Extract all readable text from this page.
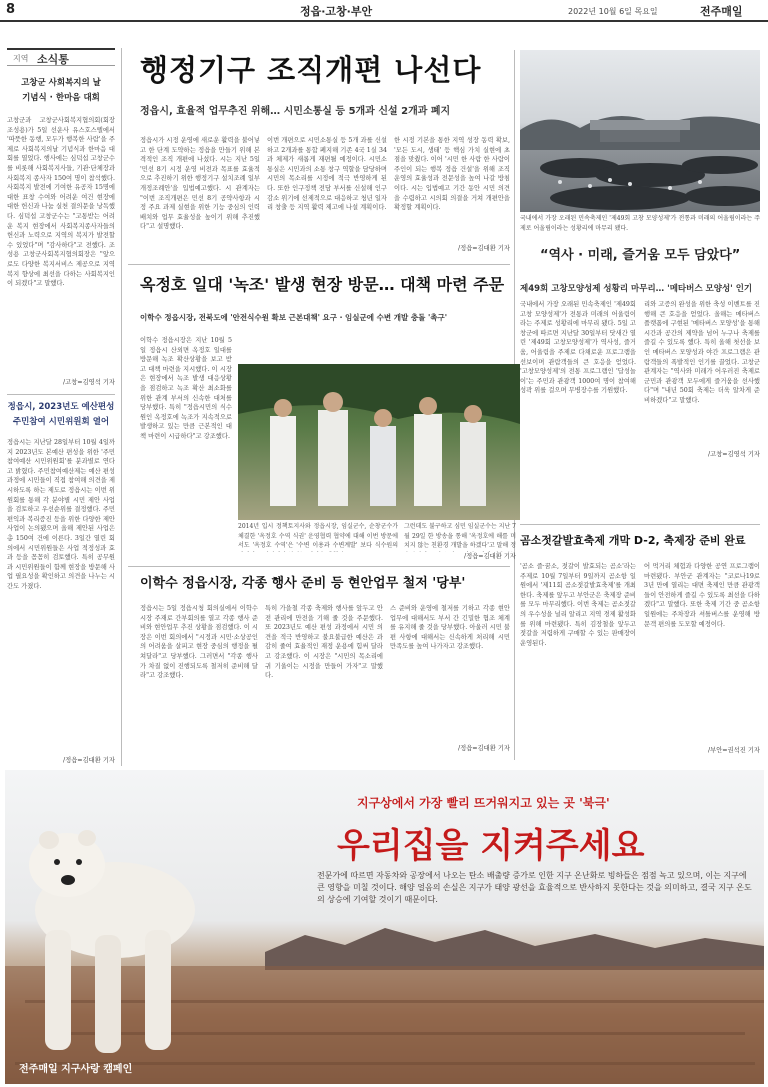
8	정읍·고창·부안	2022년 10월 6일 목요일	전주매일
지역 소식통
고창군 사회복지의 날
기념식 · 한마음 대회
고창군과 고창군사회복지협의회(회장 조성용)가 5일 선운사 유스호스텔에서 '따뜻한 동행, 모두가 행복한 사람'을 주제로 사회복지의날 기념식과 한마음 대회를 열었다. 행사에는 심덕섭 고창군수를 비롯해 사회복지사들, 기관·단체장과 사회복지 종사자 150여 명이 참석했다. 사회복지 발전에 기여한 유공자 15명에 대한 표창 수여와 어려운 여건 현장에 대한 헌신과 나눔 실천 결의문을 낭독했다. 심덕섭 고창군수는 "고통받는 어려운 복지 현장에서 사회복지종사자들의 헌신과 노력으로 지역의 복지가 발전할 수 있었다"며 "감사하다"고 전했다. 조성용 고창군사회복지협의회장은 "앞으로도 다양한 복지서비스 제공으로 지역복지 향상에 최선을 다하는 사회복지인이 되겠다"고 말했다.
/고창=김영석 기자
정읍시, 2023년도 예산편성
주민참여 시민위원회 열어
정읍시는 지난달 28일부터 10월 4일까지 2023년도 본예산 편성을 위한 '주민참여예산 시민위원회'를 분과별로 연다고 밝혔다. 주민참여예산제는 예산 편성 과정에 시민들이 직접 참여해 의견을 제시하도록 하는 제도로 정읍시는 이번 위원회를 통해 각 분야별 시민 제안 사업을 검토하고 우선순위를 결정했다. 주민 편익과 복리증진 등을 위한 다양한 제안사업이 논의됐으며 올해 제안된 사업은 총 150여 건에 이른다. 3일간 열린 회의에서 시민위원들은 사업 적정성과 효과 등을 꼼꼼히 검토했다. 특히 공무원과 시민위원들이 함께 현장을 방문해 사업 필요성을 확인하고 의견을 나누는 시간도 가졌다.
/정읍=김대환 기자
행정기구 조직개편 나선다
정읍시, 효율적 업무추진 위해… 시민소통실 등 5개과 신설 2개과 폐지
정읍시가 시정 운영에 새로운 활력을 불어넣고 한 단계 도약하는 정읍을 만들기 위해 본격적인 조직 개편에 나섰다. 시는 지난 5일 '민선 8기 시정 운영 비전과 목표를 효율적으로 추진하기 위한 행정기구 설치조례 일부개정조례안'을 입법예고했다. 시 관계자는 "이번 조직개편은 민선 8기 공약사항과 시정 주요 과제 실현을 위한 기능 중심의 인력 배치와 업무 효율성을 높이기 위해 추진했다"고 설명했다.
이번 개편으로 시민소통실 등 5개 과를 신설하고 2개과를 통합 폐지해 기존 4국 1실 34과 체제가 새롭게 재편될 예정이다. 시민소통실은 시민과의 소통 창구 역할을 담당하며 시민의 목소리를 시정에 적극 반영하게 된다. 또한 인구정책 전담 부서를 신설해 인구감소 위기에 선제적으로 대응하고 청년 일자리 창출 등 지역 활력 제고에 나설 계획이다.
한 시정 기본을 통한 지역 성장 동력 확보, '모든 도시, 생태' 등 핵심 가치 실현에 초점을 맞췄다. 이어 '시민 한 사람 한 사람이 주인이 되는 행복 정읍 건설'을 위해 조직 운영의 효율성과 전문성을 높여 나갈 방침이다. 시는 입법예고 기간 동안 시민 의견을 수렴하고 시의회 의결을 거쳐 개편안을 확정할 계획이다.
/정읍=김대환 기자
국내에서 가장 오래된 민속축제인 '제49회 고창 모양성제'가 전통과 미래의 어울림이라는 주제로 어울림이라는 성황리에 마무리 됐다.
“역사 · 미래, 즐거움 모두 담았다”
제49회 고창모양성제 성황리 마무리… '메타버스 모양성' 인기
국내에서 가장 오래된 민속축제인 '제49회 고창 모양성제'가 전통과 미래의 어울림이라는 주제로 성황리에 마무리 됐다. 5일 고창군에 따르면 지난달 30일부터 닷새간 열린 '제49회 고창모양성제'가 역사성, 즐거움, 어울림을 주제로 다채로운 프로그램을 선보이며 관람객들의 큰 호응을 얻었다. '고창모양성제'의 전통 프로그램인 '답성놀이'는 주민과 관광객 1000여 명이 참여해 성곽 위를 걸으며 무병장수를 기원했다.
리와 고증의 완성을 위한 축성 이벤트를 진행해 큰 호응을 얻었다. 올해는 메타버스 플랫폼에 구현된 '메타버스 모양성'을 통해 시간과 공간의 제약을 넘어 누구나 축제를 즐길 수 있도록 했다. 특히 올해 첫선을 보인 메타버스 모양성과 야간 프로그램은 관람객들의 폭발적인 인기를 끌었다. 고창군 관계자는 "역사와 미래가 어우러진 축제로 군민과 관광객 모두에게 즐거움을 선사했다"며 "내년 50회 축제는 더욱 알차게 준비하겠다"고 말했다.
/고창=김영석 기자
옥정호 일대 '녹조' 발생 현장 방문… 대책 마련 주문
이학수 정읍시장, 전북도에 '안전식수원 확보 근본대책' 요구 · 임실군에 수변 개발 충돌 '촉구'
이학수 정읍시장은 지난 10월 5일 정읍시 산외면 옥정호 일대를 방문해 녹조 확산상황을 보고 받고 대책 마련을 지시했다. 이 시장은 현장에서 녹조 발생 대응상황을 점검하고 녹조 확산 최소화를 위한 관계 부서의 신속한 대처를 당부했다. 특히 "정읍시민의 식수원인 옥정호에 녹조가 지속적으로 발생하고 있는 만큼 근본적인 대책 마련이 시급하다"고 강조했다.
2014년 입시 정책토지사와 정읍시장, 임실군수, 순창군수가 체결한 '옥정호 수역 식권' 운영협력 협약에 대해 이번 방문에서도 '옥정호 수역'은 '수변 이용과 수변계발' 보다 식수원의
그런데도 불구하고 심민 임실군수는 지난 7월 29일 한 방송을 통해 '옥정호에 해를 미치지 않는 친환경 개발을 하겠다'고 말해 정
/정읍=김대환 기자
이학수 정읍시장, 각종 행사 준비 등 현안업무 철저 '당부'
정읍시는 5일 정읍시청 회의실에서 이학수 시장 주재로 간부회의를 열고 각종 행사 준비와 현안업무 추진 상황을 점검했다. 이 시장은 이번 회의에서 "시정과 시민·소상공인의 어려움을 살피고 현장 중심의 행정을 펼쳐달라"고 당부했다. 그러면서 "각종 행사가 차질 없이 진행되도록 철저히 준비해 달라"고 강조했다.
특히 가을철 각종 축제와 행사를 앞두고 안전 관리에 만전을 기해 줄 것을 주문했다. 또 2023년도 예산 편성 과정에서 시민 의견을 적극 반영하고 불요불급한 예산은 과감히 줄여 효율적인 재정 운용에 힘써 달라고 강조했다. 이 시장은 "시민의 목소리에 귀 기울이는 시정을 만들어 가자"고 말했다.
스 준비와 운영에 철저를 기하고 각종 현안업무에 대해서도 부서 간 긴밀한 협조 체계를 유지해 줄 것을 당부했다. 아울러 시민 불편 사항에 대해서는 신속하게 처리해 시민 만족도를 높여 나가자고 강조했다.
/정읍=김대환 기자
곰소젓갈발효축제 개막 D-2, 축제장 준비 완료
'곰소 즐·꿈소, 젓갈이 발효되는 곰소'라는 주제로 10월 7일부터 9일까지 곰소항 일원에서 '제11회 곰소젓갈발효축제'를 개최한다. 축제를 앞두고 부안군은 축제장 준비를 모두 마무리했다. 이번 축제는 곰소젓갈의 우수성을 널리 알리고 지역 경제 활성화를 위해 마련됐다. 특히 김장철을 앞두고 젓갈을 저렴하게 구매할 수 있는 판매장이 운영된다.
어 먹거리 체험과 다양한 공연 프로그램이 마련됐다. 부안군 관계자는 "코로나19로 3년 만에 열리는 대면 축제인 만큼 관광객들이 안전하게 즐길 수 있도록 최선을 다하겠다"고 말했다. 또한 축제 기간 중 곰소항 일원에는 주차장과 셔틀버스를 운영해 방문객 편의를 도모할 예정이다.
/부안=권석진 기자
지구상에서 가장 빨리 뜨거워지고 있는 곳 '북극'
우리집을 지켜주세요
전문가에 따르면 자동차와 공장에서 나오는 탄소 배출량 증가로 인한 지구 온난화로 빙하들은 점점 녹고 있으며, 이는 지구에 큰 영향을 미칠 것이다. 해양 얼음의 손실은 지구가 태양 광선을 효율적으로 반사하지 못한다는 것을 의미하고, 결국 지구 온도의 상승에 기여할 것이기 때문이다.
전주매일 지구사랑 캠페인
